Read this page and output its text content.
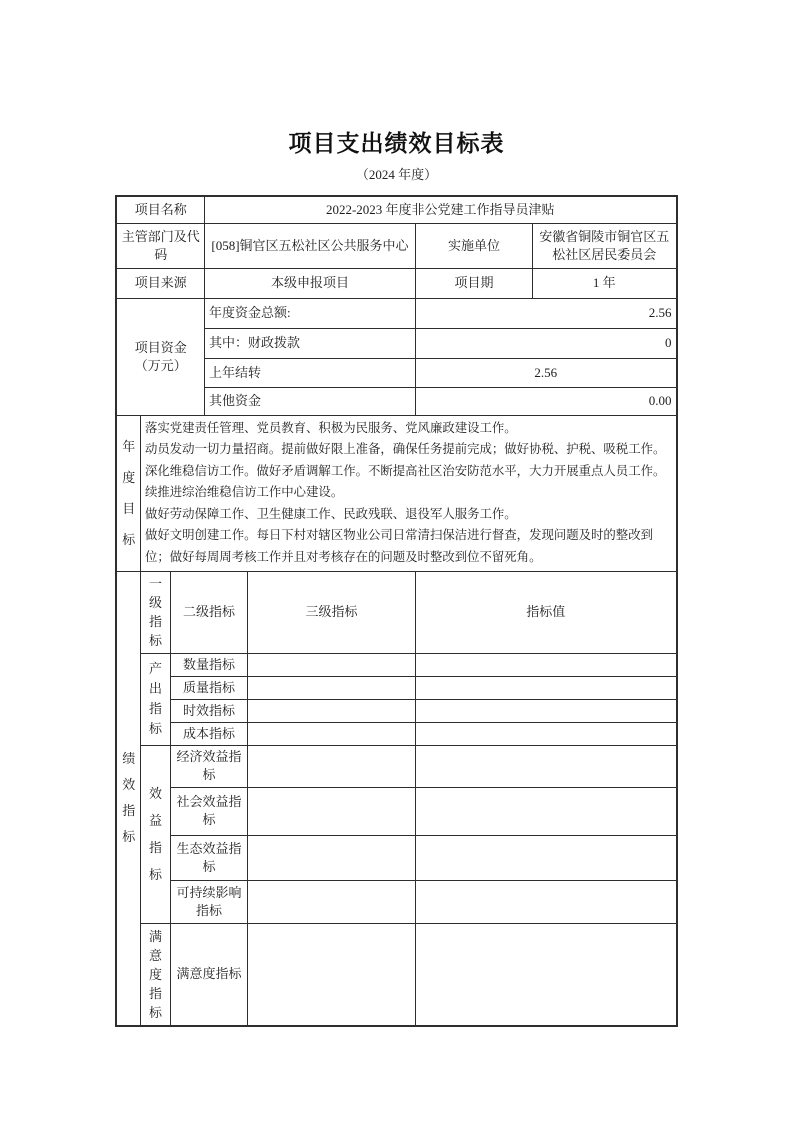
项目支出绩效目标表
（2024 年度）
项目名称			2022-2023 年度非公党建工作指导员津贴			
主管部门及代码			[058]铜官区五松社区公共服务中心		实施单位	安徽省铜陵市铜官区五松社区居民委员会
项目来源			本级申报项目		项目期	1 年

项目资金
（万元）			年度资金总额:		2.56	
			其中：财政拨款		0	
			上年结转		2.56	
			其他资金		0.00	

年度目标	落实党建责任管理、党员教育、积极为民服务、党风廉政建设工作。
动员发动一切力量招商。提前做好限上准备，确保任务提前完成；做好协税、护税、吸税工作。
深化维稳信访工作。做好矛盾调解工作。不断提高社区治安防范水平，大力开展重点人员工作。续推进综治维稳信访工作中心建设。
做好劳动保障工作、卫生健康工作、民政残联、退役军人服务工作。
做好文明创建工作。每日下村对辖区物业公司日常清扫保洁进行督查，发现问题及时的整改到位；做好每周周考核工作并且对考核存在的问题及时整改到位不留死角。					

绩效指标	一级指标	二级指标		三级指标	指标值	

	产出指标	数量指标				
		质量指标				
		时效指标				
		成本指标				

	效益指标	经济效益指标				
		社会效益指标				
		生态效益指标				
		可持续影响指标				

	满意度指标	满意度指标				
